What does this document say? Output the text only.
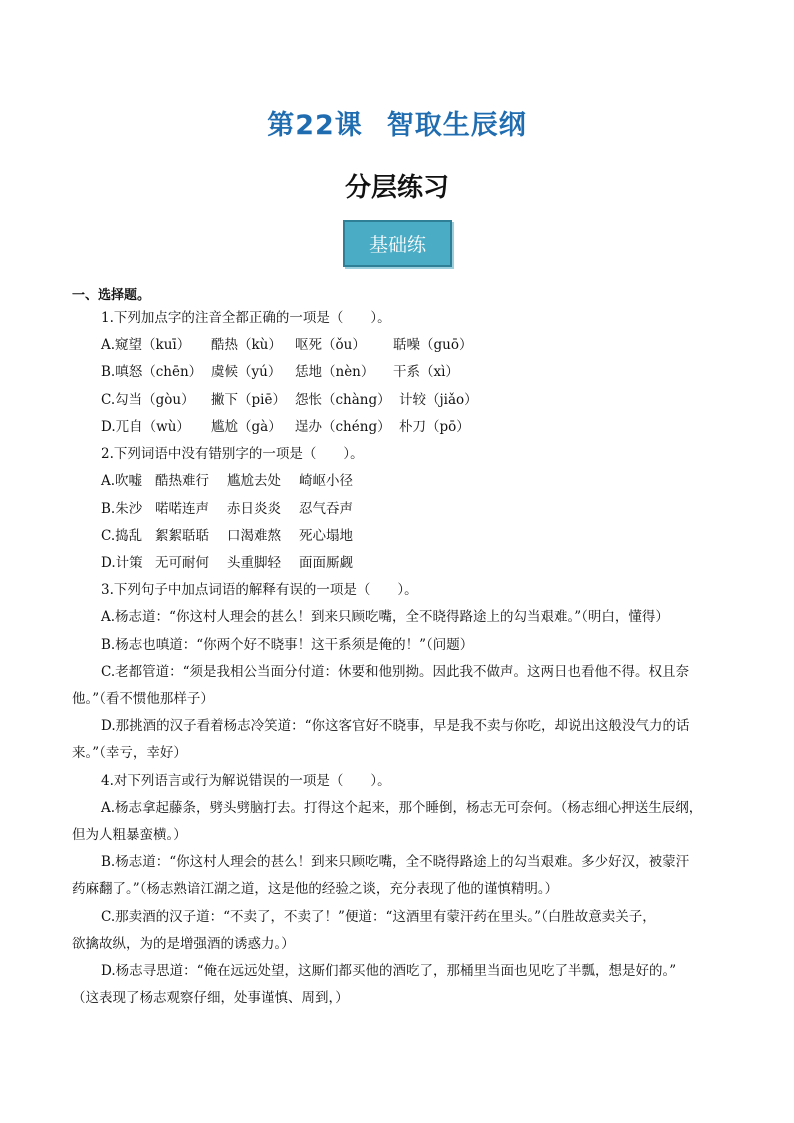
第22课 智取生辰纲
分层练习
基础练
一、选择题。
1.下列加点字的注音全都正确的一项是（　　）。
A.窥望（kuī） 酷热（kù） 呕死（ǒu） 聒噪（guō）
B.嗔怒（chēn） 虞候（yú） 恁地（nèn） 干系（xì）
C.勾当（gòu） 撇下（piē） 怨怅（chàng） 计较（jiǎo）
D.兀自（wù） 尴尬（gà） 逞办（chéng） 朴刀（pō）
2.下列词语中没有错别字的一项是（　　）。
A.吹嘘 酷热难行 尴尬去处 崎岖小径
B.朱沙 喏喏连声 赤日炎炎 忍气吞声
C.捣乱 絮絮聒聒 口渴难熬 死心塌地
D.计策 无可耐何 头重脚轻 面面厮觑
3.下列句子中加点词语的解释有误的一项是（　　）。
A.杨志道：“你这村人理会的甚么！到来只顾吃嘴，全不晓得路途上的勾当艰难。”（明白，懂得）
B.杨志也嗔道：“你两个好不晓事！这干系须是俺的！”（问题）
C.老都管道：“须是我相公当面分付道：休要和他别拗。因此我不做声。这两日也看他不得。权且奈
他。”（看不惯他那样子）
D.那挑酒的汉子看着杨志冷笑道：“你这客官好不晓事，早是我不卖与你吃，却说出这般没气力的话
来。”（幸亏，幸好）
4.对下列语言或行为解说错误的一项是（　　）。
A.杨志拿起藤条，劈头劈脑打去。打得这个起来，那个睡倒，杨志无可奈何。（杨志细心押送生辰纲，
但为人粗暴蛮横。）
B.杨志道：“你这村人理会的甚么！到来只顾吃嘴，全不晓得路途上的勾当艰难。多少好汉，被蒙汗
药麻翻了。”（杨志熟谙江湖之道，这是他的经验之谈，充分表现了他的谨慎精明。）
C.那卖酒的汉子道：“不卖了，不卖了！”便道：“这酒里有蒙汗药在里头。”（白胜故意卖关子，
欲擒故纵，为的是增强酒的诱惑力。）
D.杨志寻思道：“俺在远远处望，这厮们都买他的酒吃了，那桶里当面也见吃了半瓢，想是好的。”
（这表现了杨志观察仔细，处事谨慎、周到，）
